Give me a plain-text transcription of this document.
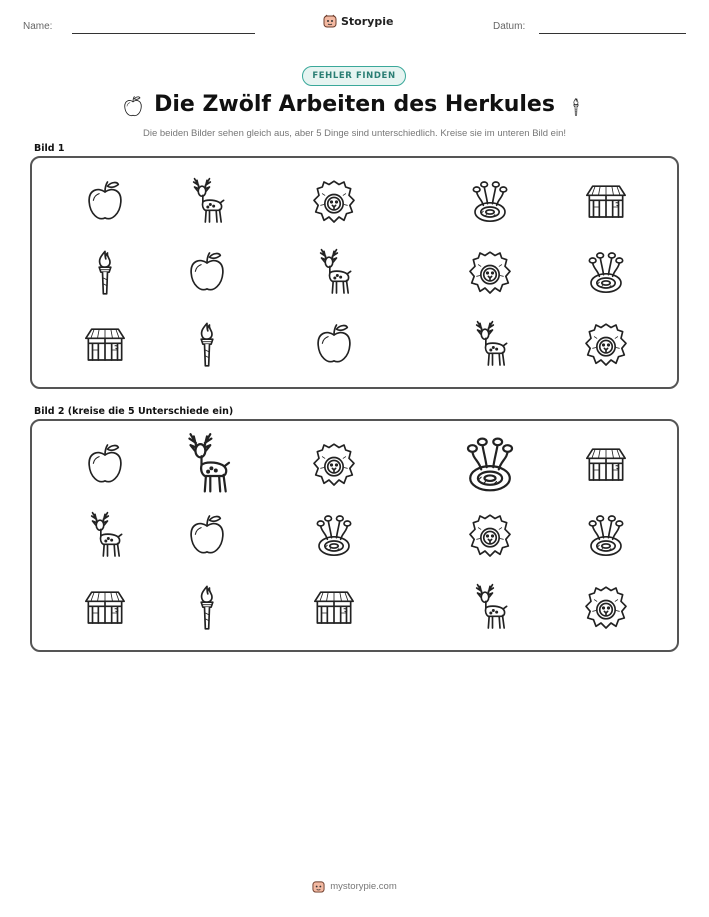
Name:	Storypie	Datum:
FEHLER FINDEN
Die Zwölf Arbeiten des Herkules
Die beiden Bilder sehen gleich aus, aber 5 Dinge sind unterschiedlich. Kreise sie im unteren Bild ein!
Bild 1
Bild 2 (kreise die 5 Unterschiede ein)
mystorypie.com
